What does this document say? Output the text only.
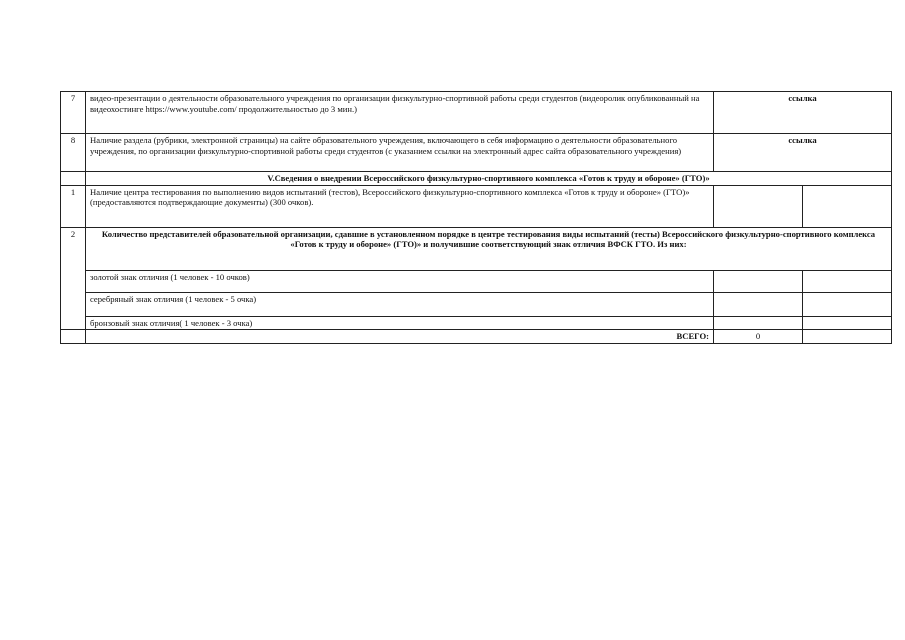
7	видео-презентации о деятельности образовательного учреждения по организации физкультурно-спортивной работы среди студентов (видеоролик опубликованный на видеохостинге https://www.youtube.com/ продолжительностью до 3 мин.)	ссылка	
8	Наличие раздела (рубрики, электронной страницы) на сайте образовательного учреждения, включающего в себя информацию о деятельности образовательного учреждения, по организации физкультурно-спортивной работы среди студентов (с указанием ссылки на электронный адрес сайта образовательного учреждения)	ссылка	
	V.Сведения о внедрении Всероссийского физкультурно-спортивного комплекса «Готов к труду и обороне» (ГТО)»		
1	Наличие центра тестирования по выполнению видов испытаний (тестов), Всероссийского физкультурно-спортивного комплекса «Готов к труду и обороне» (ГТО)» (предоставляются подтверждающие документы) (300 очков).		
2	Количество представителей образовательной организации, сдавшие в установленном порядке в центре тестирования виды испытаний (тесты) Всероссийского физкультурно-спортивного комплекса «Готов к труду и обороне» (ГТО)» и получившие соответствующий знак отличия ВФСК ГТО. Из них:		
	золотой знак отличия (1 человек - 10 очков)		
	серебряный знак отличия (1 человек - 5 очка)		
	бронзовый знак отличия( 1 человек - 3 очка)		
	ВСЕГО:	0	
